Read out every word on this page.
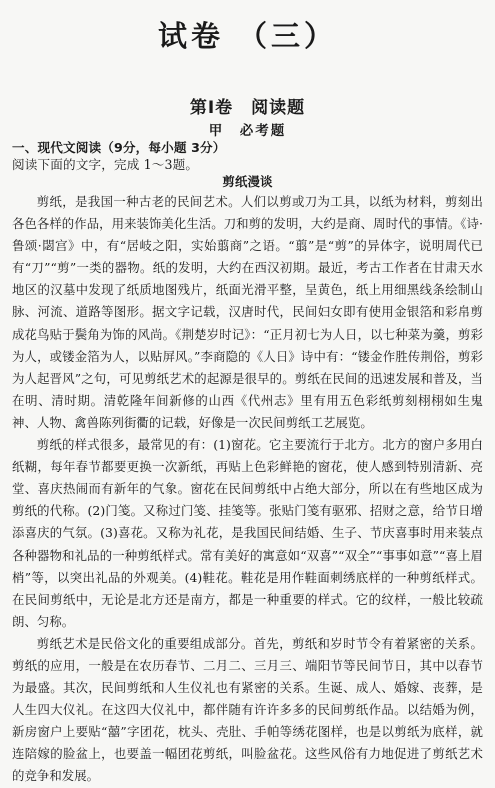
试卷 （三）
第Ⅰ卷　阅读题
甲　必考题
一、现代文阅读（9分，每小题 3分）
阅读下面的文字，完成 1～3题。
剪纸漫谈

剪纸，是我国一种古老的民间艺术。人们以剪或刀为工具，以纸为材料，剪刻出各色各样的作品，用来装饰美化生活。刀和剪的发明，大约是商、周时代的事情。《诗·鲁颂·閟宫》中，有“居岐之阳，实始翦商”之语。“翦”是“剪”的异体字，说明周代已有“刀”“剪”一类的器物。纸的发明，大约在西汉初期。最近，考古工作者在甘肃天水地区的汉墓中发现了纸质地图残片，纸面光滑平整，呈黄色，纸上用细黑线条绘制山脉、河流、道路等图形。据文字记载，汉唐时代，民间妇女即有使用金银箔和彩帛剪成花鸟贴于鬓角为饰的风尚。《荆楚岁时记》：“正月初七为人日，以七种菜为羹，剪彩为人，或镂金箔为人，以贴屏风。”李商隐的《人日》诗中有：“镂金作胜传荆俗，剪彩为人起晋风”之句，可见剪纸艺术的起源是很早的。剪纸在民间的迅速发展和普及，当在明、清时期。清乾隆年间新修的山西《代州志》里有用五色彩纸剪刻栩栩如生鬼神、人物、禽兽陈列街衢的记载，好像是一次民间剪纸工艺展览。

剪纸的样式很多，最常见的有：(1)窗花。它主要流行于北方。北方的窗户多用白纸糊，每年春节都要更换一次新纸，再贴上色彩鲜艳的窗花，使人感到特别清新、亮堂、喜庆热闹而有新年的气象。窗花在民间剪纸中占绝大部分，所以在有些地区成为剪纸的代称。(2)门笺。又称过门笺、挂笺等。张贴门笺有驱邪、招财之意，给节日增添喜庆的气氛。(3)喜花。又称为礼花，是我国民间结婚、生子、节庆喜事时用来装点各种器物和礼品的一种剪纸样式。常有美好的寓意如“双喜”“双全”“事事如意”“喜上眉梢”等，以突出礼品的外观美。(4)鞋花。鞋花是用作鞋面刺绣底样的一种剪纸样式。在民间剪纸中，无论是北方还是南方，都是一种重要的样式。它的纹样，一般比较疏朗、匀称。

剪纸艺术是民俗文化的重要组成部分。首先，剪纸和岁时节令有着紧密的关系。剪纸的应用，一般是在农历春节、二月二、三月三、端阳节等民间节日，其中以春节为最盛。其次，民间剪纸和人生仪礼也有紧密的关系。生诞、成人、婚嫁、丧葬，是人生四大仪礼。在这四大仪礼中，都伴随有许许多多的民间剪纸作品。以结婚为例，新房窗户上要贴“囍”字团花，枕头、壳肚、手帕等绣花图样，也是以剪纸为底样，就连陪嫁的脸盆上，也要盖一幅团花剪纸，叫脸盆花。这些风俗有力地促进了剪纸艺术的竞争和发展。
